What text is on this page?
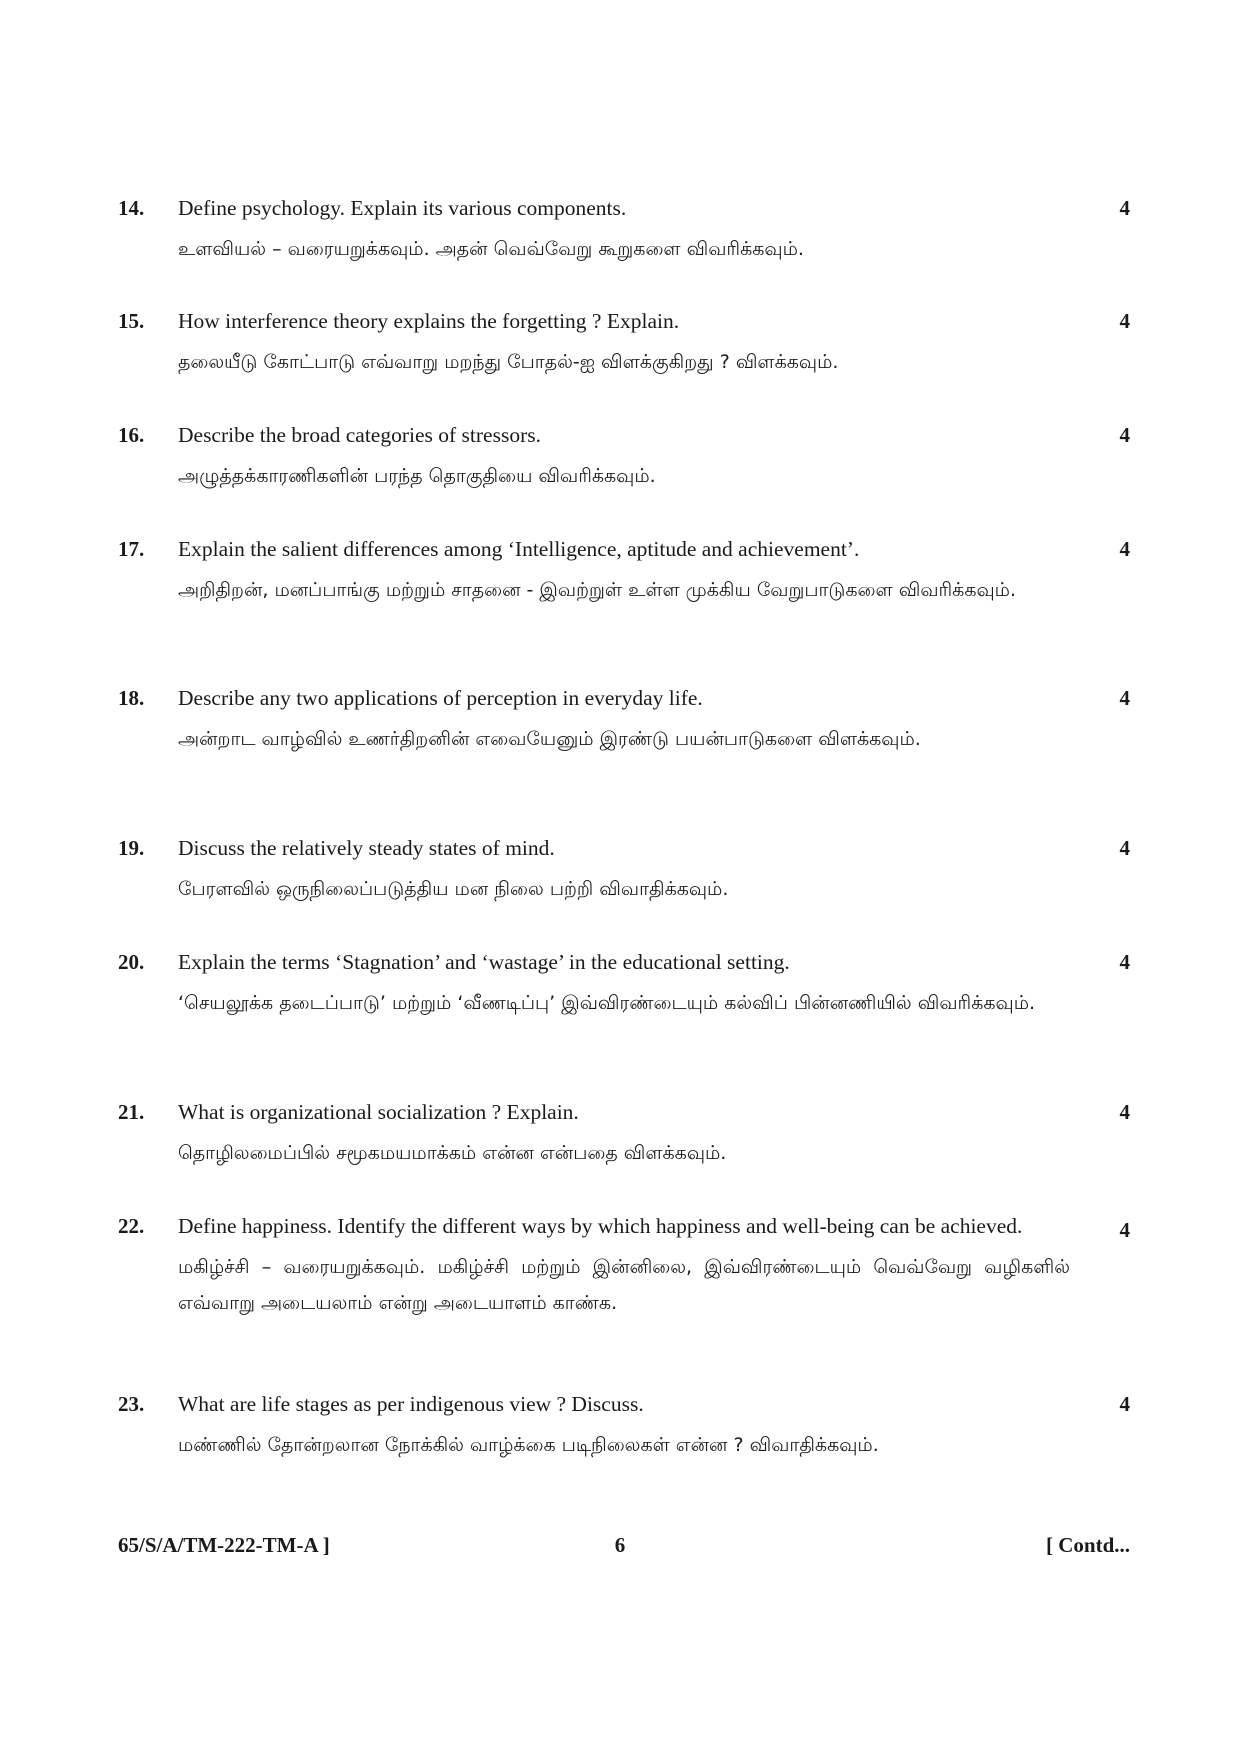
14.	Define psychology. Explain its various components.	4
உளவியல் – வரையறுக்கவும். அதன் வெவ்வேறு கூறுகளை விவரிக்கவும்.
15.	How interference theory explains the forgetting ? Explain.	4
தலையீடு கோட்பாடு எவ்வாறு மறந்து போதல்-ஐ விளக்குகிறது ? விளக்கவும்.
16.	Describe the broad categories of stressors.	4
அழுத்தக்காரணிகளின் பரந்த தொகுதியை விவரிக்கவும்.
17.	Explain the salient differences among ‘Intelligence, aptitude and achievement’.	4
அறிதிறன், மனப்பாங்கு மற்றும் சாதனை - இவற்றுள் உள்ள முக்கிய வேறுபாடுகளை விவரிக்கவும்.
18.	Describe any two applications of perception in everyday life.	4
அன்றாட வாழ்வில் உணர்திறனின் எவையேனும் இரண்டு பயன்பாடுகளை விளக்கவும்.
19.	Discuss the relatively steady states of mind.	4
பேரளவில் ஒருநிலைப்படுத்திய மன நிலை பற்றி விவாதிக்கவும்.
20.	Explain the terms ‘Stagnation’ and ‘wastage’ in the educational setting.	4
‘செயலூக்க தடைப்பாடு’ மற்றும் ‘வீணடிப்பு’ இவ்விரண்டையும் கல்விப் பின்னணியில் விவரிக்கவும்.
21.	What is organizational socialization ? Explain.	4
தொழிலமைப்பில் சமூகமயமாக்கம் என்ன என்பதை விளக்கவும்.
22.	Define happiness. Identify the different ways by which happiness and well-being can be achieved.	4
மகிழ்ச்சி – வரையறுக்கவும். மகிழ்ச்சி மற்றும் இன்னிலை, இவ்விரண்டையும் வெவ்வேறு வழிகளில் எவ்வாறு அடையலாம் என்று அடையாளம் காண்க.
23.	What are life stages as per indigenous view ? Discuss.	4
மண்ணில் தோன்றலான நோக்கில் வாழ்க்கை படிநிலைகள் என்ன ? விவாதிக்கவும்.
65/S/A/TM-222-TM-A ]	6	[ Contd...
